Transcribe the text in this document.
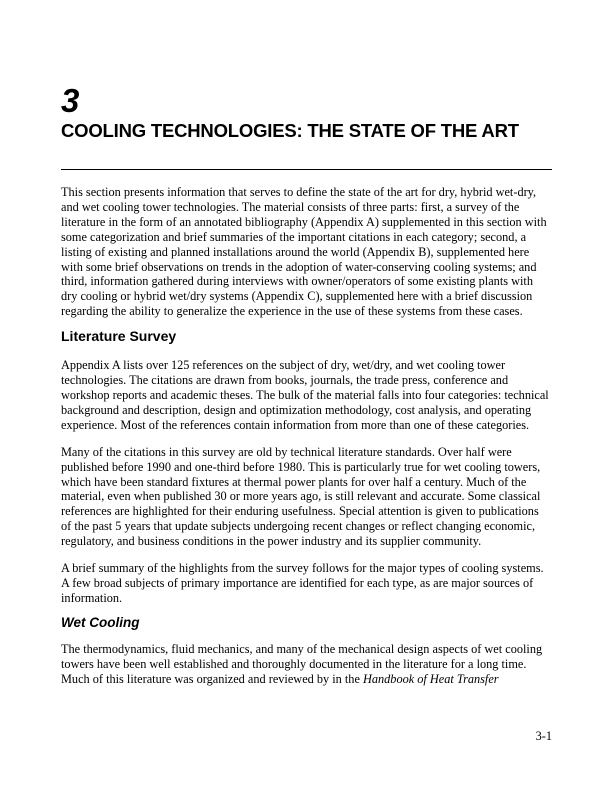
3
COOLING TECHNOLOGIES: THE STATE OF THE ART

This section presents information that serves to define the state of the art for dry, hybrid wet-dry, and wet cooling tower technologies. The material consists of three parts: first, a survey of the literature in the form of an annotated bibliography (Appendix A) supplemented in this section with some categorization and brief summaries of the important citations in each category; second, a listing of existing and planned installations around the world (Appendix B), supplemented here with some brief observations on trends in the adoption of water-conserving cooling systems; and third, information gathered during interviews with owner/operators of some existing plants with dry cooling or hybrid wet/dry systems (Appendix C), supplemented here with a brief discussion regarding the ability to generalize the experience in the use of these systems from these cases.

Literature Survey

Appendix A lists over 125 references on the subject of dry, wet/dry, and wet cooling tower technologies. The citations are drawn from books, journals, the trade press, conference and workshop reports and academic theses. The bulk of the material falls into four categories: technical background and description, design and optimization methodology, cost analysis, and operating experience. Most of the references contain information from more than one of these categories.

Many of the citations in this survey are old by technical literature standards. Over half were published before 1990 and one-third before 1980. This is particularly true for wet cooling towers, which have been standard fixtures at thermal power plants for over half a century. Much of the material, even when published 30 or more years ago, is still relevant and accurate. Some classical references are highlighted for their enduring usefulness. Special attention is given to publications of the past 5 years that update subjects undergoing recent changes or reflect changing economic, regulatory, and business conditions in the power industry and its supplier community.

A brief summary of the highlights from the survey follows for the major types of cooling systems. A few broad subjects of primary importance are identified for each type, as are major sources of information.

Wet Cooling

The thermodynamics, fluid mechanics, and many of the mechanical design aspects of wet cooling towers have been well established and thoroughly documented in the literature for a long time. Much of this literature was organized and reviewed by in the Handbook of Heat Transfer

3-1
